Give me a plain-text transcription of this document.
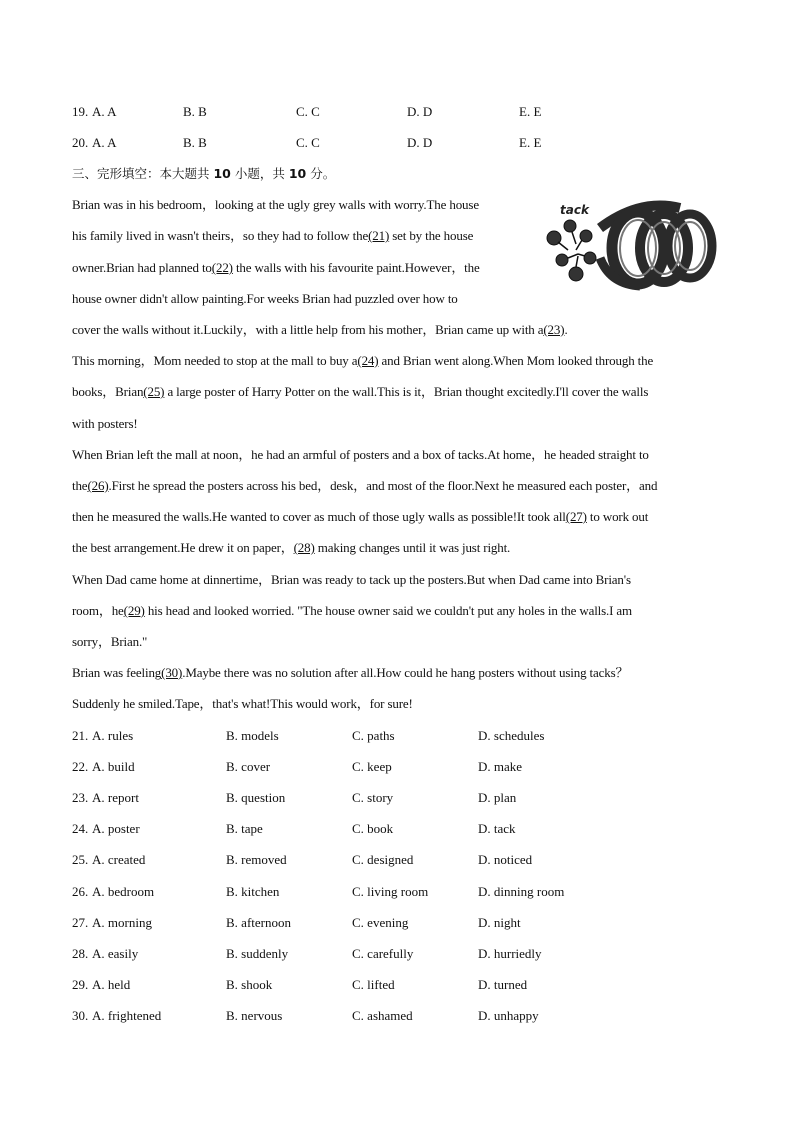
19. A. A	B. B	C. C	D. D	E. E
20. A. A	B. B	C. C	D. D	E. E
三、完形填空：本大题共 10 小题，共 10 分。
tack
Brian was in his bedroom，looking at the ugly grey walls with worry.The house
his family lived in wasn't theirs，so they had to follow the(21) set by the house
owner.Brian had planned to(22) the walls with his favourite paint.However，the
house owner didn't allow painting.For weeks Brian had puzzled over how to
cover the walls without it.Luckily，with a little help from his mother，Brian came up with a(23).
This morning，Mom needed to stop at the mall to buy a(24) and Brian went along.When Mom looked through the
books，Brian(25) a large poster of Harry Potter on the wall.This is it，Brian thought excitedly.I'll cover the walls
with posters!
When Brian left the mall at noon，he had an armful of posters and a box of tacks.At home，he headed straight to
the(26).First he spread the posters across his bed，desk，and most of the floor.Next he measured each poster，and
then he measured the walls.He wanted to cover as much of those ugly walls as possible!It took all(27) to work out
the best arrangement.He drew it on paper，(28) making changes until it was just right.
When Dad came home at dinnertime，Brian was ready to tack up the posters.But when Dad came into Brian's
room，he(29) his head and looked worried. "The house owner said we couldn't put any holes in the walls.I am
sorry，Brian."
Brian was feeling(30).Maybe there was no solution after all.How could he hang posters without using tacks？
Suddenly he smiled.Tape，that's what!This would work，for sure!
21. A. rules	B. models	C. paths	D. schedules
22. A. build	B. cover	C. keep	D. make
23. A. report	B. question	C. story	D. plan
24. A. poster	B. tape	C. book	D. tack
25. A. created	B. removed	C. designed	D. noticed
26. A. bedroom	B. kitchen	C. living room	D. dinning room
27. A. morning	B. afternoon	C. evening	D. night
28. A. easily	B. suddenly	C. carefully	D. hurriedly
29. A. held	B. shook	C. lifted	D. turned
30. A. frightened	B. nervous	C. ashamed	D. unhappy
